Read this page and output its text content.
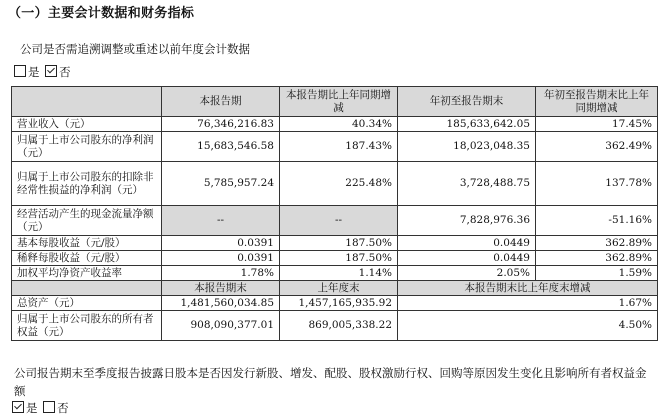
（一）主要会计数据和财务指标
公司是否需追溯调整或重述以前年度会计数据
是 否
	本报告期	本报告期比上年同期增减	年初至报告期末	年初至报告期末比上年同期增减
营业收入（元）	76,346,216.83	40.34%	185,633,642.05	17.45%
归属于上市公司股东的净利润（元）	15,683,546.58	187.43%	18,023,048.35	362.49%
归属于上市公司股东的扣除非经常性损益的净利润（元）	5,785,957.24	225.48%	3,728,488.75	137.78%
经营活动产生的现金流量净额（元）	--	--	7,828,976.36	-51.16%
基本每股收益（元/股）	0.0391	187.50%	0.0449	362.89%
稀释每股收益（元/股）	0.0391	187.50%	0.0449	362.89%
加权平均净资产收益率	1.78%	1.14%	2.05%	1.59%
	本报告期末	上年度末	本报告期末比上年度末增减	
总资产（元）	1,481,560,034.85	1,457,165,935.92	1.67%	
归属于上市公司股东的所有者权益（元）	908,090,377.01	869,005,338.22	4.50%	
公司报告期末至季度报告披露日股本是否因发行新股、增发、配股、股权激励行权、回购等原因发生变化且影响所有者权益金额
是 否
